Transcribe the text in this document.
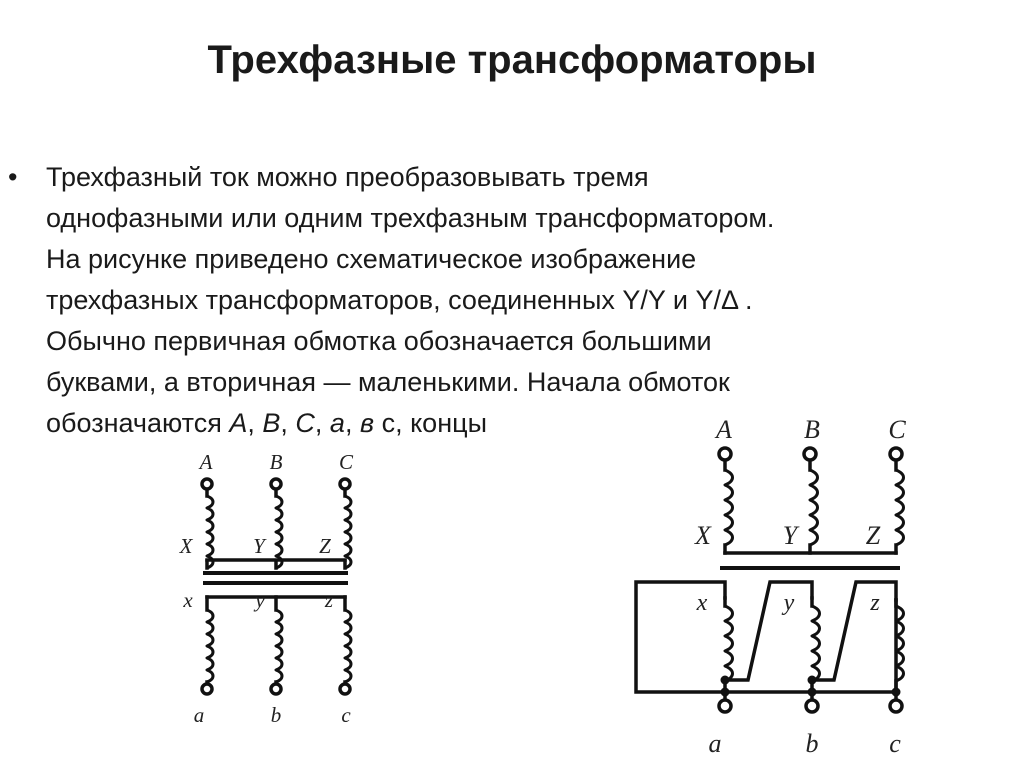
Трехфазные трансформаторы
•	Трехфазный ток можно преобразовывать тремя
однофазными или одним трехфазным трансформатором.
На рисунке приведено схематическое изображение
трехфазных трансформаторов, соединенных Y/Y и Y/Δ .
Обычно первичная обмотка обозначается большими
буквами, а вторичная — маленькими. Начала обмоток
обозначаются A, B, C, a, в с, концы
A	B	C
X	Y	Z
x	y	z
a	b	c
A	B	C
X	Y	Z
x	y	z
a	b	c
